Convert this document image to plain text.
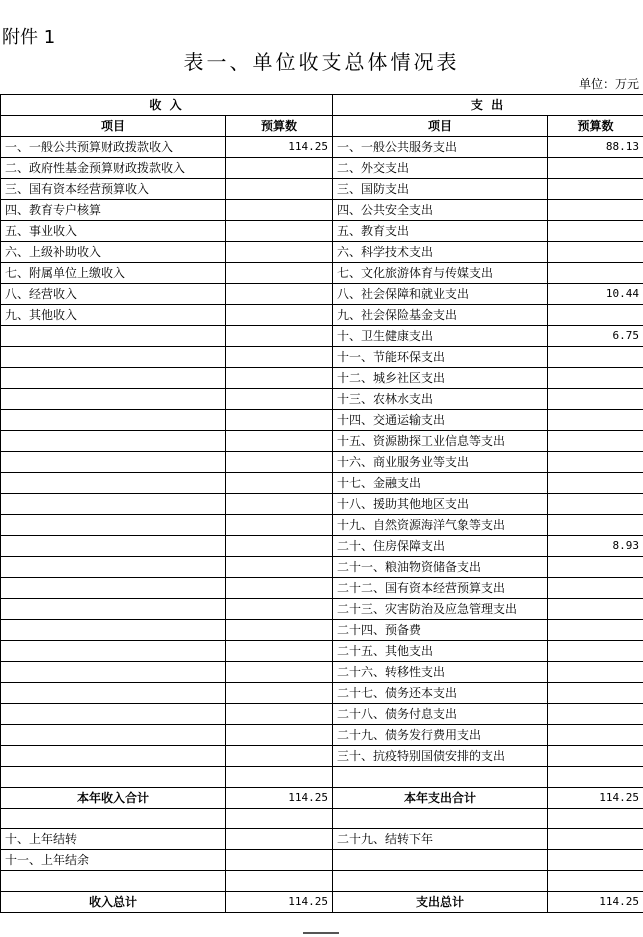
附件 1
表一、单位收支总体情况表
单位：万元
收 入		支 出	
项目	预算数	项目	预算数
一、一般公共预算财政拨款收入	114.25	一、一般公共服务支出	88.13
二、政府性基金预算财政拨款收入		二、外交支出	
三、国有资本经营预算收入		三、国防支出	
四、教育专户核算		四、公共安全支出	
五、事业收入		五、教育支出	
六、上级补助收入		六、科学技术支出	
七、附属单位上缴收入		七、文化旅游体育与传媒支出	
八、经营收入		八、社会保障和就业支出	10.44
九、其他收入		九、社会保险基金支出	
		十、卫生健康支出	6.75
		十一、节能环保支出	
		十二、城乡社区支出	
		十三、农林水支出	
		十四、交通运输支出	
		十五、资源勘探工业信息等支出	
		十六、商业服务业等支出	
		十七、金融支出	
		十八、援助其他地区支出	
		十九、自然资源海洋气象等支出	
		二十、住房保障支出	8.93
		二十一、粮油物资储备支出	
		二十二、国有资本经营预算支出	
		二十三、灾害防治及应急管理支出	
		二十四、预备费	
		二十五、其他支出	
		二十六、转移性支出	
		二十七、债务还本支出	
		二十八、债务付息支出	
		二十九、债务发行费用支出	
		三十、抗疫特别国债安排的支出	

本年收入合计	114.25	本年支出合计	114.25

十、上年结转		二十九、结转下年	
十一、上年结余			

收入总计	114.25	支出总计	114.25
